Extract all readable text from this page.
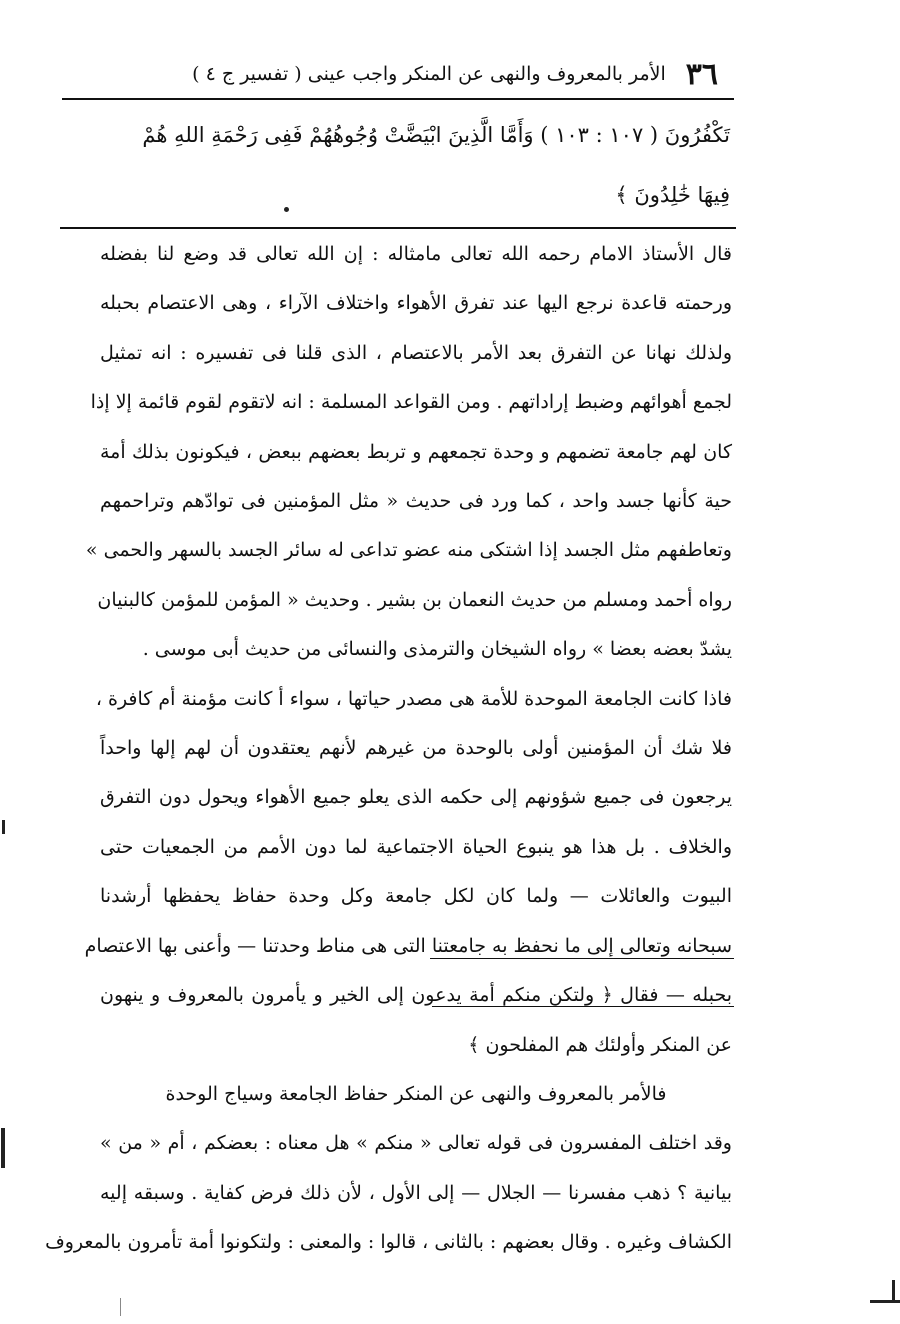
٣٦
الأمر بالمعروف والنهى عن المنكر واجب عينى ( تفسير ج ٤ )
تَكْفُرُونَ ( ١٠٧ : ١٠٣ ) وَأَمَّا الَّذِينَ ابْيَضَّتْ وُجُوهُهُمْ فَفِى رَحْمَةِ اللهِ هُمْ
فِيهَا خَٰلِدُونَ ﴾
قال الأستاذ الامام رحمه الله تعالى مامثاله : إن الله تعالى قد وضع لنا بفضله
ورحمته قاعدة نرجع اليها عند تفرق الأهواء واختلاف الآراء ، وهى الاعتصام بحبله
ولذلك نهانا عن التفرق بعد الأمر بالاعتصام ، الذى قلنا فى تفسيره : انه تمثيل
لجمع أهوائهم وضبط إراداتهم . ومن القواعد المسلمة : انه لاتقوم لقوم قائمة إلا إذا
كان لهم جامعة تضمهم و وحدة تجمعهم و تربط بعضهم ببعض ، فيكونون بذلك أمة
حية كأنها جسد واحد ، كما ورد فى حديث « مثل المؤمنين فى توادّهم وتراحمهم
وتعاطفهم مثل الجسد إذا اشتكى منه عضو تداعى له سائر الجسد بالسهر والحمى »
رواه أحمد ومسلم من حديث النعمان بن بشير . وحديث « المؤمن للمؤمن كالبنيان
يشدّ بعضه بعضا » رواه الشيخان والترمذى والنسائى من حديث أبى موسى .
فاذا كانت الجامعة الموحدة للأمة هى مصدر حياتها ، سواء أ كانت مؤمنة أم كافرة ،
فلا شك أن المؤمنين أولى بالوحدة من غيرهم لأنهم يعتقدون أن لهم إلها واحداً
يرجعون فى جميع شؤونهم إلى حكمه الذى يعلو جميع الأهواء ويحول دون التفرق
والخلاف . بل هذا هو ينبوع الحياة الاجتماعية لما دون الأمم من الجمعيات حتى
البيوت والعائلات — ولما كان لكل جامعة وكل وحدة حفاظ يحفظها أرشدنا
سبحانه وتعالى إلى ما نحفظ به جامعتنا التى هى مناط وحدتنا — وأعنى بها الاعتصام
بحبله — فقال ﴿ ولتكن منكم أمة يدعون إلى الخير و يأمرون بالمعروف و ينهون
عن المنكر وأولئك هم المفلحون ﴾
فالأمر بالمعروف والنهى عن المنكر حفاظ الجامعة وسياج الوحدة
وقد اختلف المفسرون فى قوله تعالى « منكم » هل معناه : بعضكم ، أم « من »
بيانية ؟ ذهب مفسرنا — الجلال — إلى الأول ، لأن ذلك فرض كفاية . وسبقه إليه
الكشاف وغيره . وقال بعضهم : بالثانى ، قالوا : والمعنى : ولتكونوا أمة تأمرون بالمعروف
